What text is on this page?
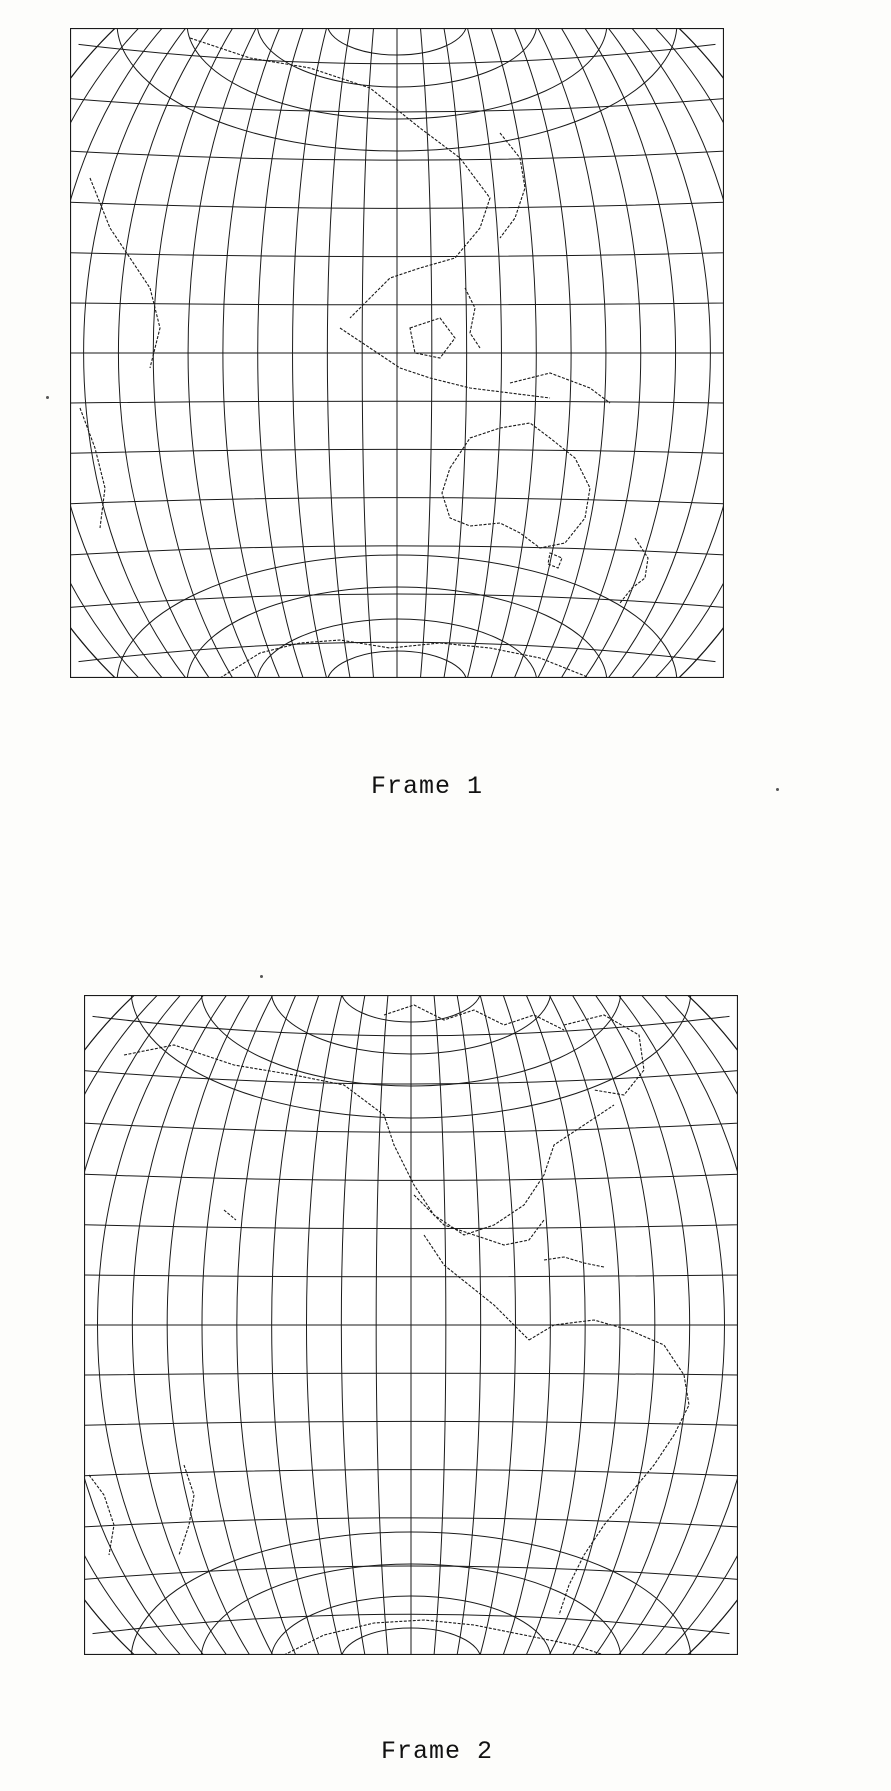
Frame 1
Frame 2
